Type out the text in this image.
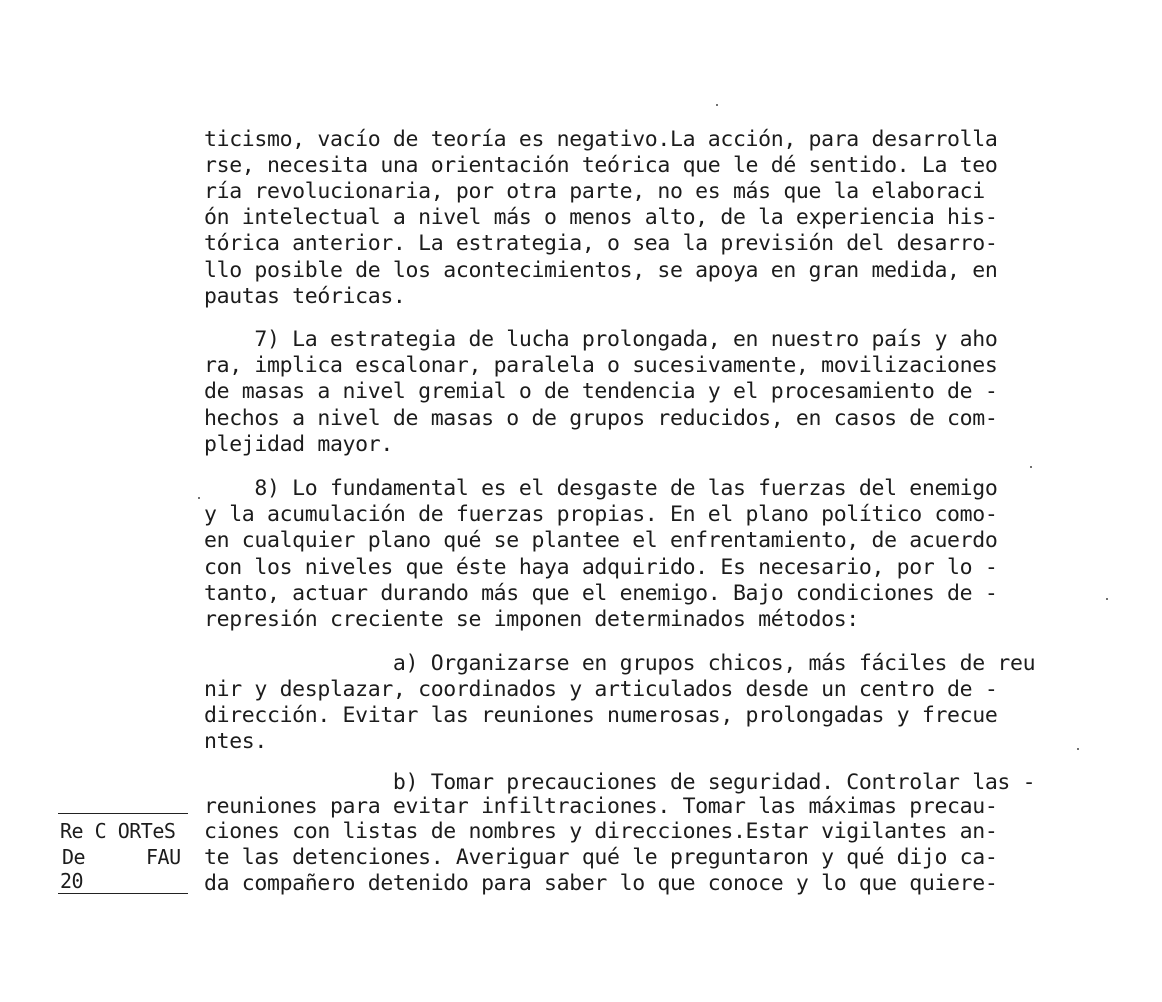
ticismo, vacío de teoría es negativo.La acción, para desarrolla
rse, necesita una orientación teórica que le dé sentido. La teo
ría revolucionaria, por otra parte, no es más que la elaboraci
ón intelectual a nivel más o menos alto, de la experiencia his-
tórica anterior. La estrategia, o sea la previsión del desarro-
llo posible de los acontecimientos, se apoya en gran medida, en
pautas teóricas.
7) La estrategia de lucha prolongada, en nuestro país y aho
ra, implica escalonar, paralela o sucesivamente, movilizaciones
de masas a nivel gremial o de tendencia y el procesamiento de -
hechos a nivel de masas o de grupos reducidos, en casos de com-
plejidad mayor.
8) Lo fundamental es el desgaste de las fuerzas del enemigo
y la acumulación de fuerzas propias. En el plano político como-
en cualquier plano qué se plantee el enfrentamiento, de acuerdo
con los niveles que éste haya adquirido. Es necesario, por lo -
tanto, actuar durando más que el enemigo. Bajo condiciones de -
represión creciente se imponen determinados métodos:
a) Organizarse en grupos chicos, más fáciles de reu
nir y desplazar, coordinados y articulados desde un centro de -
dirección. Evitar las reuniones numerosas, prolongadas y frecue
ntes.
b) Tomar precauciones de seguridad. Controlar las -
reuniones para evitar infiltraciones. Tomar las máximas precau-
ciones con listas de nombres y direcciones.Estar vigilantes an-
te las detenciones. Averiguar qué le preguntaron y qué dijo ca-
da compañero detenido para saber lo que conoce y lo que quiere-
Re C ORTeS
De	FAU
20
